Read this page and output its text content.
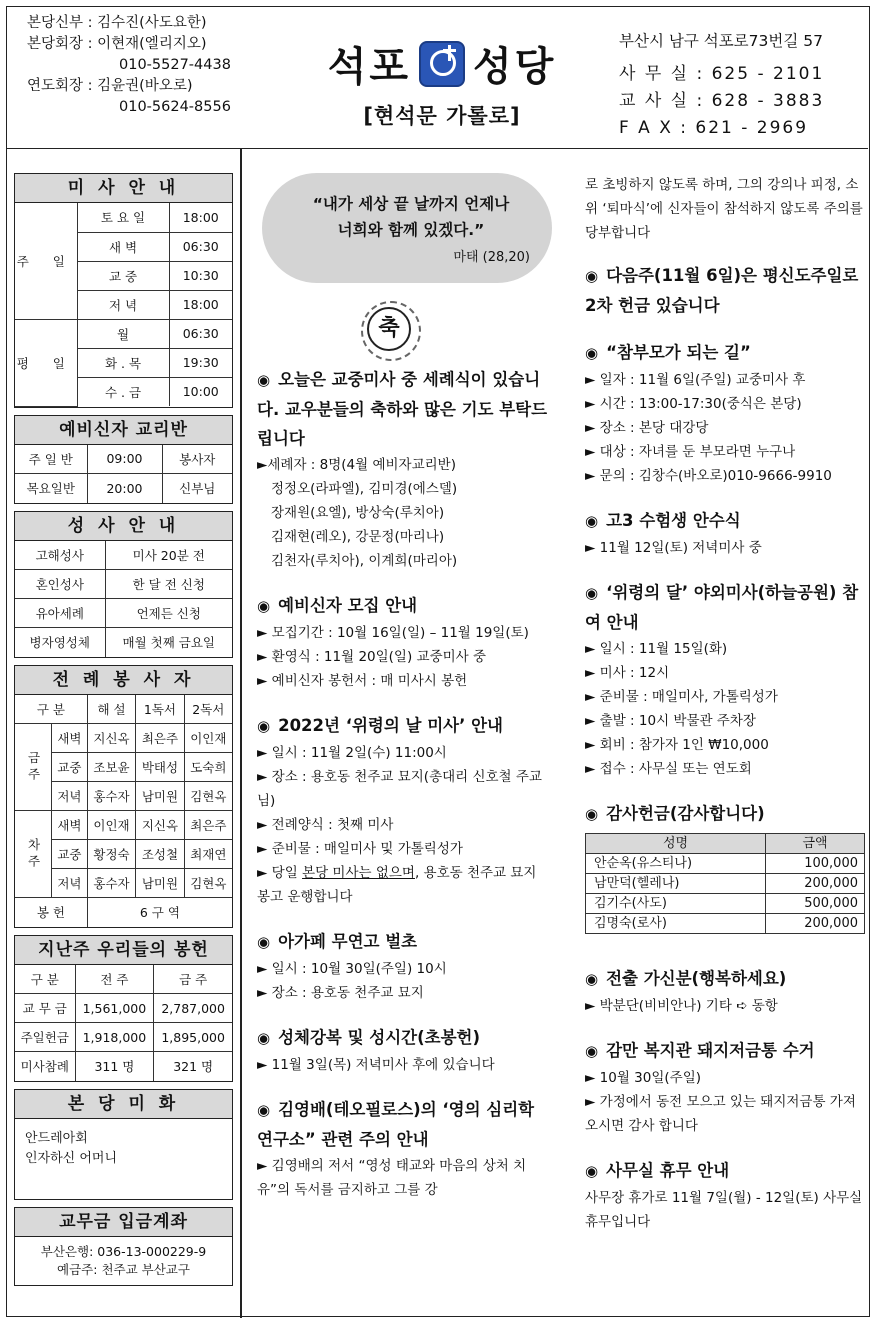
본당신부 : 김수진(사도요한)
본당회장 : 이현재(엘리지오)
010-5527-4438
연도회장 : 김윤권(바오로)
010-5624-8556
석포 성당
[현석문 가롤로]
부산시 남구 석포로73번길 57
사 무 실 : 625 - 2101
교 사 실 : 628 - 3883
F A X : 621 - 2969
미 사 안 내
주 일	토 요 일	18:00
	새 벽	06:30
	교 중	10:30
	저 녁	18:00
평 일	월	06:30
	화 . 목	19:30
	수 . 금	10:00
예비신자 교리반
주 일 반	09:00	봉사자
목요일반	20:00	신부님
성 사 안 내
고해성사	미사 20분 전
혼인성사	한 달 전 신청
유아세례	언제든 신청
병자영성체	매월 첫째 금요일
전 례 봉 사 자
구 분		해 설	1독서	2독서
금주	새벽	지신옥	최은주	이인재
	교중	조보윤	박태성	도숙희
	저녁	홍수자	남미원	김현옥
차주	새벽	이인재	지신옥	최은주
	교중	황정숙	조성철	최재연
	저녁	홍수자	남미원	김현옥
봉 헌		6 구 역		
지난주 우리들의 봉헌
구 분	전 주	금 주
교 무 금	1,561,000	2,787,000
주일헌금	1,918,000	1,895,000
미사참례	311 명	321 명
본 당 미 화
안드레아회
인자하신 어머니
교무금 입금계좌
부산은행: 036-13-000229-9
예금주: 천주교 부산교구
“내가 세상 끝 날까지 언제나
너희와 함께 있겠다.”
마태 (28,20)
축
◉ 오늘은 교중미사 중 세례식이 있습니다. 교우분들의 축하와 많은 기도 부탁드립니다
►세례자 : 8명(4월 예비자교리반)
정정오(라파엘), 김미경(에스델)
장재원(요엘), 방상숙(루치아)
김재현(레오), 강문정(마리나)
김천자(루치아), 이계희(마리아)
◉ 예비신자 모집 안내
► 모집기간 : 10월 16일(일) – 11월 19일(토)
► 환영식 : 11월 20일(일) 교중미사 중
► 예비신자 봉헌서 : 매 미사시 봉헌
◉ 2022년 ‘위령의 날 미사’ 안내
► 일시 : 11월 2일(수) 11:00시
► 장소 : 용호동 천주교 묘지(총대리 신호철 주교님)
► 전례양식 : 첫째 미사
► 준비물 : 매일미사 및 가톨릭성가
► 당일 본당 미사는 없으며, 용호동 천주교 묘지 봉고 운행합니다
◉ 아가페 무연고 벌초
► 일시 : 10월 30일(주일) 10시
► 장소 : 용호동 천주교 묘지
◉ 성체강복 및 성시간(초봉헌)
► 11월 3일(목) 저녁미사 후에 있습니다
◉ 김영배(테오필로스)의 ‘영의 심리학 연구소” 관련 주의 안내
► 김영배의 저서 “영성 태교와 마음의 상처 치유”의 독서를 금지하고 그를 강
로 초빙하지 않도록 하며, 그의 강의나 피정, 소위 ‘퇴마식’에 신자들이 참석하지 않도록 주의를 당부합니다
◉ 다음주(11월 6일)은 평신도주일로 2차 헌금 있습니다
◉ “참부모가 되는 길”
► 일자 : 11월 6일(주일) 교중미사 후
► 시간 : 13:00-17:30(중식은 본당)
► 장소 : 본당 대강당
► 대상 : 자녀를 둔 부모라면 누구나
► 문의 : 김창수(바오로)010-9666-9910
◉ 고3 수험생 안수식
► 11월 12일(토) 저녁미사 중
◉ ‘위령의 달’ 야외미사(하늘공원) 참여 안내
► 일시 : 11월 15일(화)
► 미사 : 12시
► 준비물 : 매일미사, 가톨릭성가
► 출발 : 10시 박물관 주차장
► 회비 : 참가자 1인 ₩10,000
► 접수 : 사무실 또는 연도회
◉ 감사헌금(감사합니다)
성명	금액
안순옥(유스티나)	100,000
남만덕(헬레나)	200,000
김기수(사도)	500,000
김명숙(로사)	200,000
◉ 전출 가신분(행복하세요)
► 박분단(비비안나) 기타 ➪ 동항
◉ 감만 복지관 돼지저금통 수거
► 10월 30일(주일)
► 가정에서 동전 모으고 있는 돼지저금통 가져오시면 감사 합니다
◉ 사무실 휴무 안내
사무장 휴가로 11월 7일(월) - 12일(토) 사무실 휴무입니다
